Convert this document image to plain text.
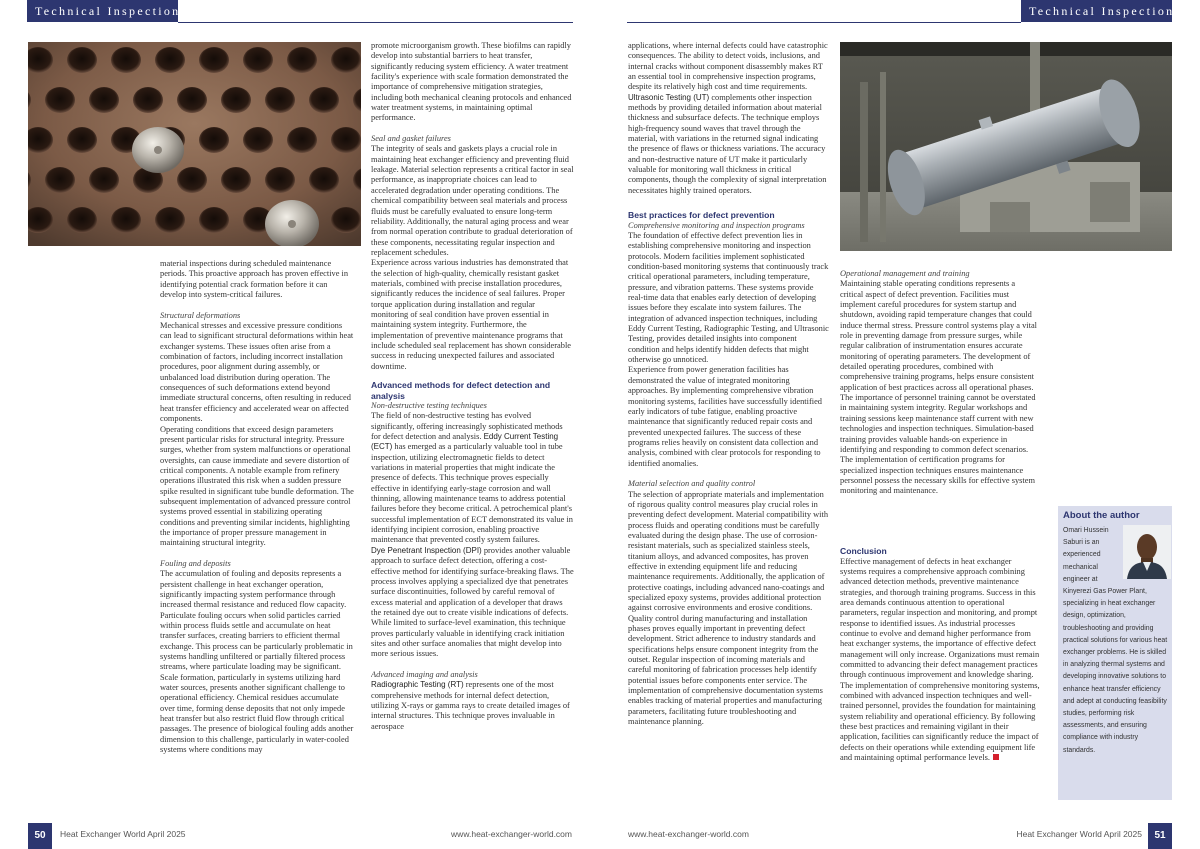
Technical Inspection

material inspections during scheduled maintenance periods. This proactive approach has proven effective in identifying potential crack formation before it can develop into system-critical failures.

Structural deformations

Mechanical stresses and excessive pressure conditions can lead to significant structural deformations within heat exchanger systems. These issues often arise from a combination of factors, including incorrect installation procedures, poor alignment during assembly, or unbalanced load distribution during operation. The consequences of such deformations extend beyond immediate structural concerns, often resulting in reduced heat transfer efficiency and accelerated wear on affected components.

Operating conditions that exceed design parameters present particular risks for structural integrity. Pressure surges, whether from system malfunctions or operational oversights, can cause immediate and severe distortion of critical components. A notable example from refinery operations illustrated this risk when a sudden pressure spike resulted in significant tube bundle deformation. The subsequent implementation of advanced pressure control systems proved essential in stabilizing operating conditions and preventing similar incidents, highlighting the importance of proper pressure management in maintaining structural integrity.

Fouling and deposits

The accumulation of fouling and deposits represents a persistent challenge in heat exchanger operation, significantly impacting system performance through increased thermal resistance and reduced flow capacity. Particulate fouling occurs when solid particles carried within process fluids settle and accumulate on heat transfer surfaces, creating barriers to efficient thermal exchange. This process can be particularly problematic in systems handling unfiltered or partially filtered process streams, where particulate loading may be significant.

Scale formation, particularly in systems utilizing hard water sources, presents another significant challenge to operational efficiency. Chemical residues accumulate over time, forming dense deposits that not only impede heat transfer but also restrict fluid flow through critical passages. The presence of biological fouling adds another dimension to this challenge, particularly in water-cooled systems where conditions may

promote microorganism growth. These biofilms can rapidly develop into substantial barriers to heat transfer, significantly reducing system efficiency. A water treatment facility's experience with scale formation demonstrated the importance of comprehensive mitigation strategies, including both mechanical cleaning protocols and enhanced water treatment systems, in maintaining optimal performance.

Seal and gasket failures

The integrity of seals and gaskets plays a crucial role in maintaining heat exchanger efficiency and preventing fluid leakage. Material selection represents a critical factor in seal performance, as inappropriate choices can lead to accelerated degradation under operating conditions. The chemical compatibility between seal materials and process fluids must be carefully evaluated to ensure long-term reliability. Additionally, the natural aging process and wear from normal operation contribute to gradual deterioration of these components, necessitating regular inspection and replacement schedules.

Experience across various industries has demonstrated that the selection of high-quality, chemically resistant gasket materials, combined with precise installation procedures, significantly reduces the incidence of seal failures. Proper torque application during installation and regular monitoring of seal condition have proven essential in maintaining system integrity. Furthermore, the implementation of preventive maintenance programs that include scheduled seal replacement has shown considerable success in reducing unexpected failures and associated downtime.

Advanced methods for defect detection and analysis

Non-destructive testing techniques

The field of non-destructive testing has evolved significantly, offering increasingly sophisticated methods for defect detection and analysis. Eddy Current Testing (ECT) has emerged as a particularly valuable tool in tube inspection, utilizing electromagnetic fields to detect variations in material properties that might indicate the presence of defects. This technique proves especially effective in identifying early-stage corrosion and wall thinning, allowing maintenance teams to address potential failures before they become critical. A petrochemical plant's successful implementation of ECT demonstrated its value in identifying incipient corrosion, enabling proactive maintenance that prevented costly system failures.

Dye Penetrant Inspection (DPI) provides another valuable approach to surface defect detection, offering a cost-effective method for identifying surface-breaking flaws. The process involves applying a specialized dye that penetrates surface discontinuities, followed by careful removal of excess material and application of a developer that draws the retained dye out to create visible indications of defects. While limited to surface-level examination, this technique proves particularly valuable in identifying crack initiation sites and other surface anomalies that might develop into more serious issues.

Advanced imaging and analysis

Radiographic Testing (RT) represents one of the most comprehensive methods for internal defect detection, utilizing X-rays or gamma rays to create detailed images of internal structures. This technique proves invaluable in aerospace

50	Heat Exchanger World April 2025	www.heat-exchanger-world.com
Technical Inspection

applications, where internal defects could have catastrophic consequences. The ability to detect voids, inclusions, and internal cracks without component disassembly makes RT an essential tool in comprehensive inspection programs, despite its relatively high cost and time requirements.

Ultrasonic Testing (UT) complements other inspection methods by providing detailed information about material thickness and subsurface defects. The technique employs high-frequency sound waves that travel through the material, with variations in the returned signal indicating the presence of flaws or thickness variations. The accuracy and non-destructive nature of UT make it particularly valuable for monitoring wall thickness in critical components, though the complexity of signal interpretation necessitates highly trained operators.

Best practices for defect prevention

Comprehensive monitoring and inspection programs

The foundation of effective defect prevention lies in establishing comprehensive monitoring and inspection protocols. Modern facilities implement sophisticated condition-based monitoring systems that continuously track critical operational parameters, including temperature, pressure, and vibration patterns. These systems provide real-time data that enables early detection of developing issues before they escalate into system failures. The integration of advanced inspection techniques, including Eddy Current Testing, Radiographic Testing, and Ultrasonic Testing, provides detailed insights into component condition and helps identify hidden defects that might otherwise go unnoticed.

Experience from power generation facilities has demonstrated the value of integrated monitoring approaches. By implementing comprehensive vibration monitoring systems, facilities have successfully identified early indicators of tube fatigue, enabling proactive maintenance that significantly reduced repair costs and prevented unexpected failures. The success of these programs relies heavily on consistent data collection and analysis, combined with clear protocols for responding to identified anomalies.

Material selection and quality control

The selection of appropriate materials and implementation of rigorous quality control measures play crucial roles in preventing defect development. Material compatibility with process fluids and operating conditions must be carefully evaluated during the design phase. The use of corrosion-resistant materials, such as specialized stainless steels, titanium alloys, and advanced composites, has proven effective in extending equipment life and reducing maintenance requirements. Additionally, the application of protective coatings, including advanced nano-coatings and specialized epoxy systems, provides additional protection against corrosive environments and erosive conditions.

Quality control during manufacturing and installation phases proves equally important in preventing defect development. Strict adherence to industry standards and specifications helps ensure component integrity from the outset. Regular inspection of incoming materials and careful monitoring of fabrication processes help identify potential issues before components enter service. The implementation of comprehensive documentation systems enables tracking of material properties and manufacturing parameters, facilitating future troubleshooting and maintenance planning.

Operational management and training

Maintaining stable operating conditions represents a critical aspect of defect prevention. Facilities must implement careful procedures for system startup and shutdown, avoiding rapid temperature changes that could induce thermal stress. Pressure control systems play a vital role in preventing damage from pressure surges, while regular calibration of instrumentation ensures accurate monitoring of operating parameters. The development of detailed operating procedures, combined with comprehensive training programs, helps ensure consistent application of best practices across all operational phases.

The importance of personnel training cannot be overstated in maintaining system integrity. Regular workshops and training sessions keep maintenance staff current with new technologies and inspection techniques. Simulation-based training provides valuable hands-on experience in identifying and responding to common defect scenarios. The implementation of certification programs for specialized inspection techniques ensures maintenance personnel possess the necessary skills for effective system monitoring and maintenance.

Conclusion

Effective management of defects in heat exchanger systems requires a comprehensive approach combining advanced detection methods, preventive maintenance strategies, and thorough training programs. Success in this area demands continuous attention to operational parameters, regular inspection and monitoring, and prompt response to identified issues. As industrial processes continue to evolve and demand higher performance from heat exchanger systems, the importance of effective defect management will only increase. Organizations must remain committed to advancing their defect management practices through continuous improvement and knowledge sharing. The implementation of comprehensive monitoring systems, combined with advanced inspection techniques and well-trained personnel, provides the foundation for maintaining system reliability and operational efficiency. By following these best practices and remaining vigilant in their application, facilities can significantly reduce the impact of defects on their operations while extending equipment life and maintaining optimal performance levels.

About the author
Omari Hussein Saburi is an experienced mechanical engineer at Kinyerezi Gas Power Plant, specializing in heat exchanger design, optimization, troubleshooting and providing practical solutions for various heat exchanger problems. He is skilled in analyzing thermal systems and developing innovative solutions to enhance heat transfer efficiency and adept at conducting feasibility studies, performing risk assessments, and ensuring compliance with industry standards.
www.heat-exchanger-world.com	Heat Exchanger World April 2025	51
